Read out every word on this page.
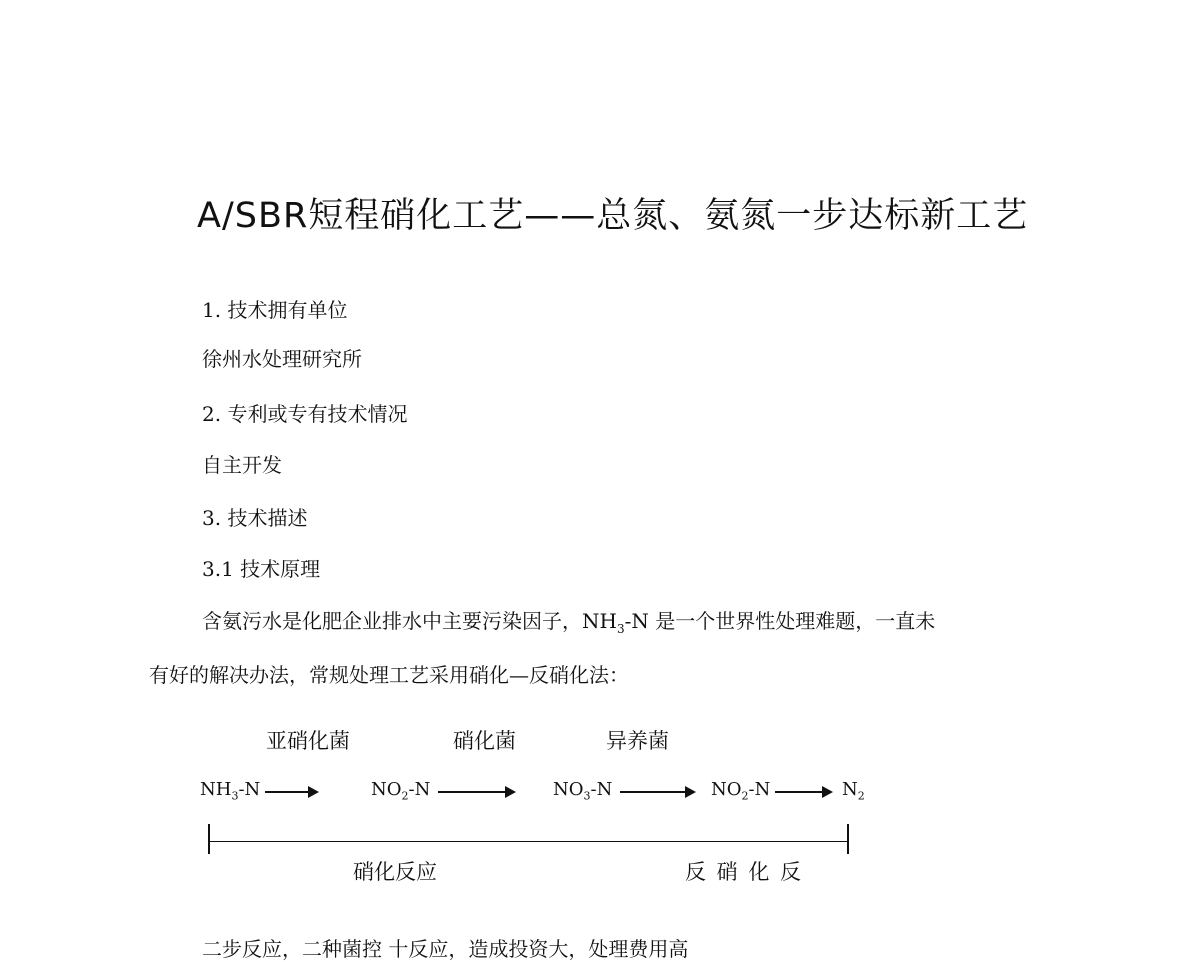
A/SBR短程硝化工艺——总氮、氨氮一步达标新工艺
1. 技术拥有单位
徐州水处理研究所
2. 专利或专有技术情况
自主开发
3. 技术描述
3.1 技术原理
含氨污水是化肥企业排水中主要污染因子，$NH_3-N$ 是一个世界性处理难题，一直未
有好的解决办法，常规处理工艺采用硝化—反硝化法：
亚硝化菌	硝化菌	异养菌
$NH_3-N$	$NO_2-N$	$NO_3-N$	$NO_2-N$	$N_2$
硝化反应	反 硝 化 反
二步反应，二种菌控 十反应，造成投资大，处理费用高
